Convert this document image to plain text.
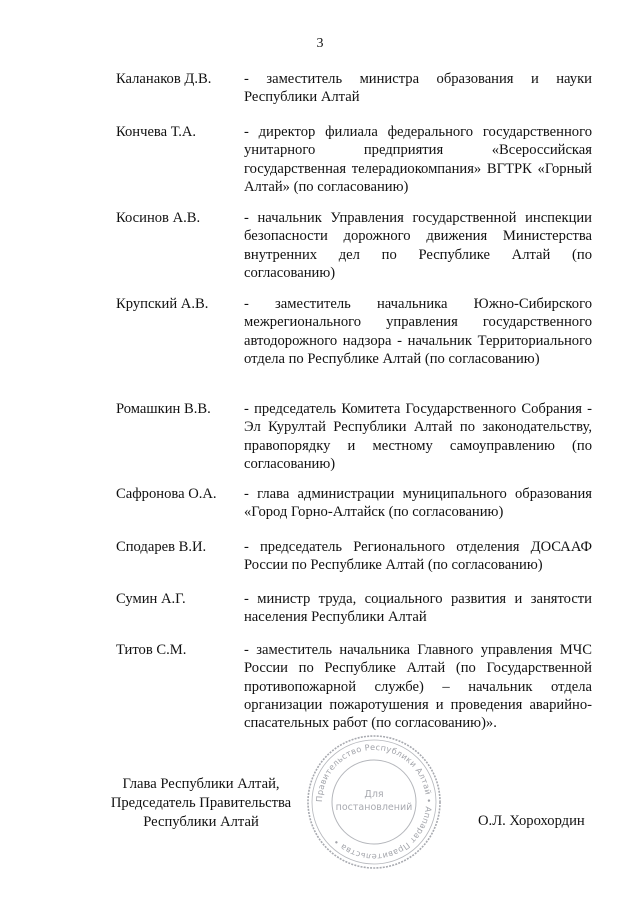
3
Каланаков Д.В. - заместитель министра образования и науки Республики Алтай
Кончева Т.А.	- директор филиала федерального государственного унитарного предприятия «Всероссийская государственная телерадиокомпания» ВГТРК «Горный Алтай» (по согласованию)
Косинов А.В.	- начальник Управления государственной инспекции безопасности дорожного движения Министерства внутренних дел по Республике Алтай (по согласованию)
Крупский А.В. - заместитель начальника Южно-Сибирского межрегионального управления государственного автодорожного надзора - начальник Территориального отдела по Республике Алтай (по согласованию)
Ромашкин В.В. - председатель Комитета Государственного Собрания - Эл Курултай Республики Алтай по законодательству, правопорядку и местному самоуправлению (по согласованию)
Сафронова О.А. - глава администрации муниципального образования «Город Горно-Алтайск (по согласованию)
Сподарев В.И.	- председатель Регионального отделения ДОСААФ России по Республике Алтай (по согласованию)
Сумин А.Г.	- министр труда, социального развития и занятости населения Республики Алтай
Титов С.М.	- заместитель начальника Главного управления МЧС России по Республике Алтай (по Государственной противопожарной службе) – начальник отдела организации пожаротушения и проведения аварийно-спасательных работ (по согласованию)».
Глава Республики Алтай,
Председатель Правительства
Республики Алтай
Правительство Республики Алтай • Аппарат Правительства •
Для
постановлений
О.Л. Хорохордин
